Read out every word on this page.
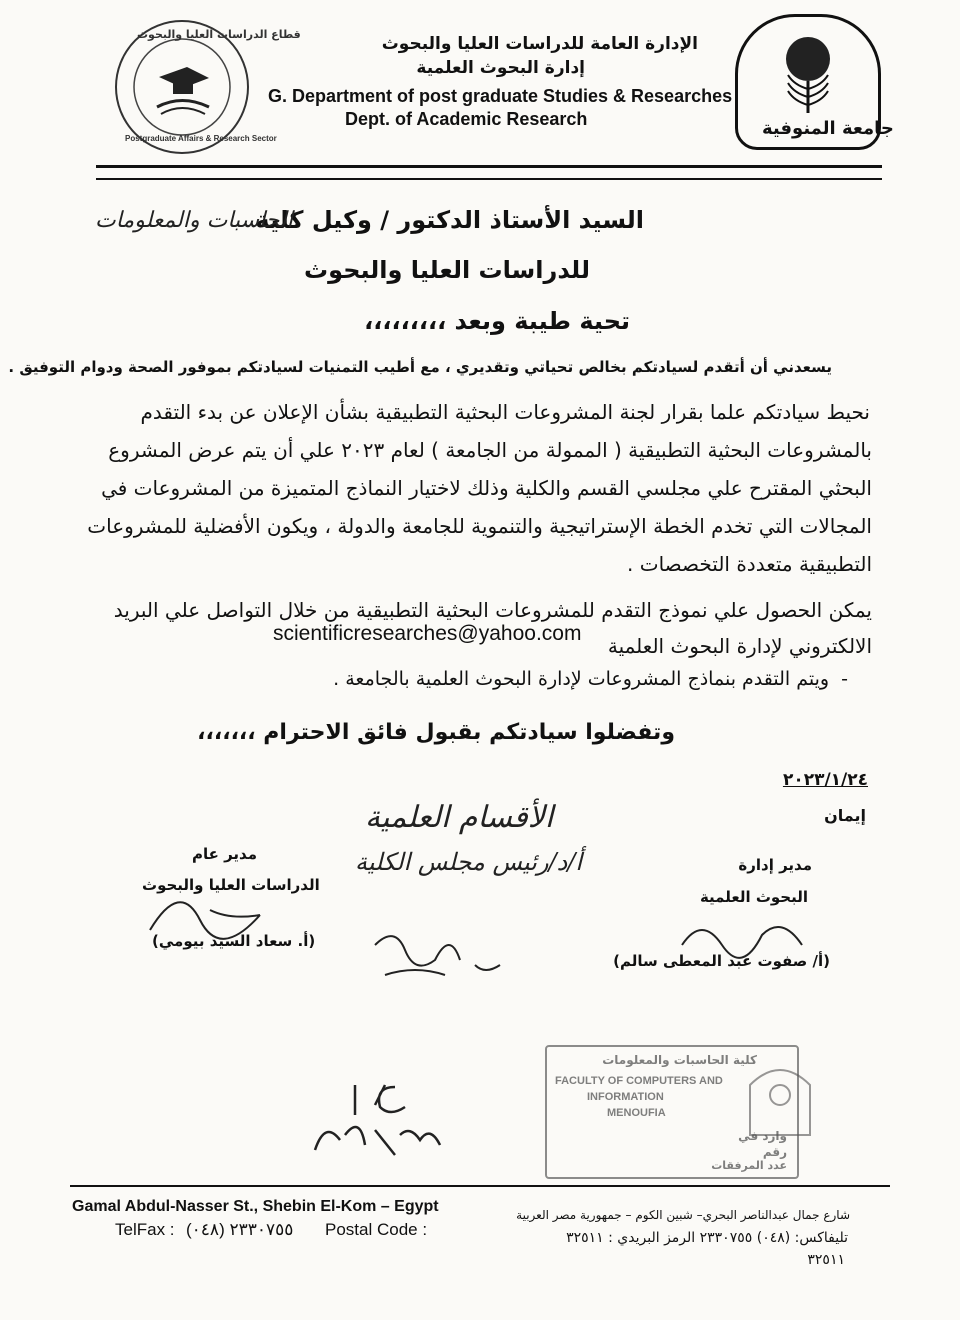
قطاع الدراسات العليا والبحوث
Postgraduate Affairs & Research Sector	جامعة المنوفية
الإدارة العامة للدراسات العليا والبحوث
إدارة البحوث العلمية
G. Department of post graduate Studies & Researches
Dept. of Academic Research
السيد الأستاذ الدكتور / وكيل كلية
الحاسبات والمعلومات
للدراسات العليا والبحوث
تحية طيبة وبعد ،،،،،،،،،
يسعدني أن أتقدم لسيادتكم بخالص تحياتي وتقديري ، مع أطيب التمنيات لسيادتكم بموفور الصحة ودوام التوفيق .
نحيط سيادتكم علما بقرار لجنة المشروعات البحثية التطبيقية بشأن الإعلان عن بدء التقدم
بالمشروعات البحثية التطبيقية ( الممولة من الجامعة ) لعام ٢٠٢٣ علي أن يتم عرض المشروع
البحثي المقترح علي مجلسي القسم والكلية وذلك لاختيار النماذج المتميزة من المشروعات في
المجالات التي تخدم الخطة الإستراتيجية والتنموية للجامعة والدولة ، ويكون الأفضلية للمشروعات
التطبيقية متعددة التخصصات .
يمكن الحصول علي نموذج التقدم للمشروعات البحثية التطبيقية من خلال التواصل علي البريد
الالكتروني لإدارة البحوث العلمية
scientificresearches@yahoo.com
-  ويتم التقدم بنماذج المشروعات لإدارة البحوث العلمية بالجامعة .
وتفضلوا سيادتكم بقبول فائق الاحترام ،،،،،،،
٢٠٢٣/١/٢٤
إيمان
الأقسام العلمية
أ/د/رئيس مجلس الكلية
مدير عام
الدراسات العليا والبحوث
(أ. سعاد السيد بيومي)
مدير إدارة
البحوث العلمية
(أ/ صفوت عبد المعطى سالم)
كلية الحاسبات والمعلومات
FACULTY OF COMPUTERS AND
INFORMATION
MENOUFIA
وارد في
رقم
عدد المرفقات
Gamal Abdul-Nasser St., Shebin El-Kom – Egypt
TelFax : (٠٤٨) ٢٣٣٠٧٥٥ Postal Code :
شارع جمال عبدالناصر البحري– شبين الكوم – جمهورية مصر العربية
تليفاكس: (٠٤٨) ٢٣٣٠٧٥٥ الرمز البريدي : ٣٢٥١١
٣٢٥١١
